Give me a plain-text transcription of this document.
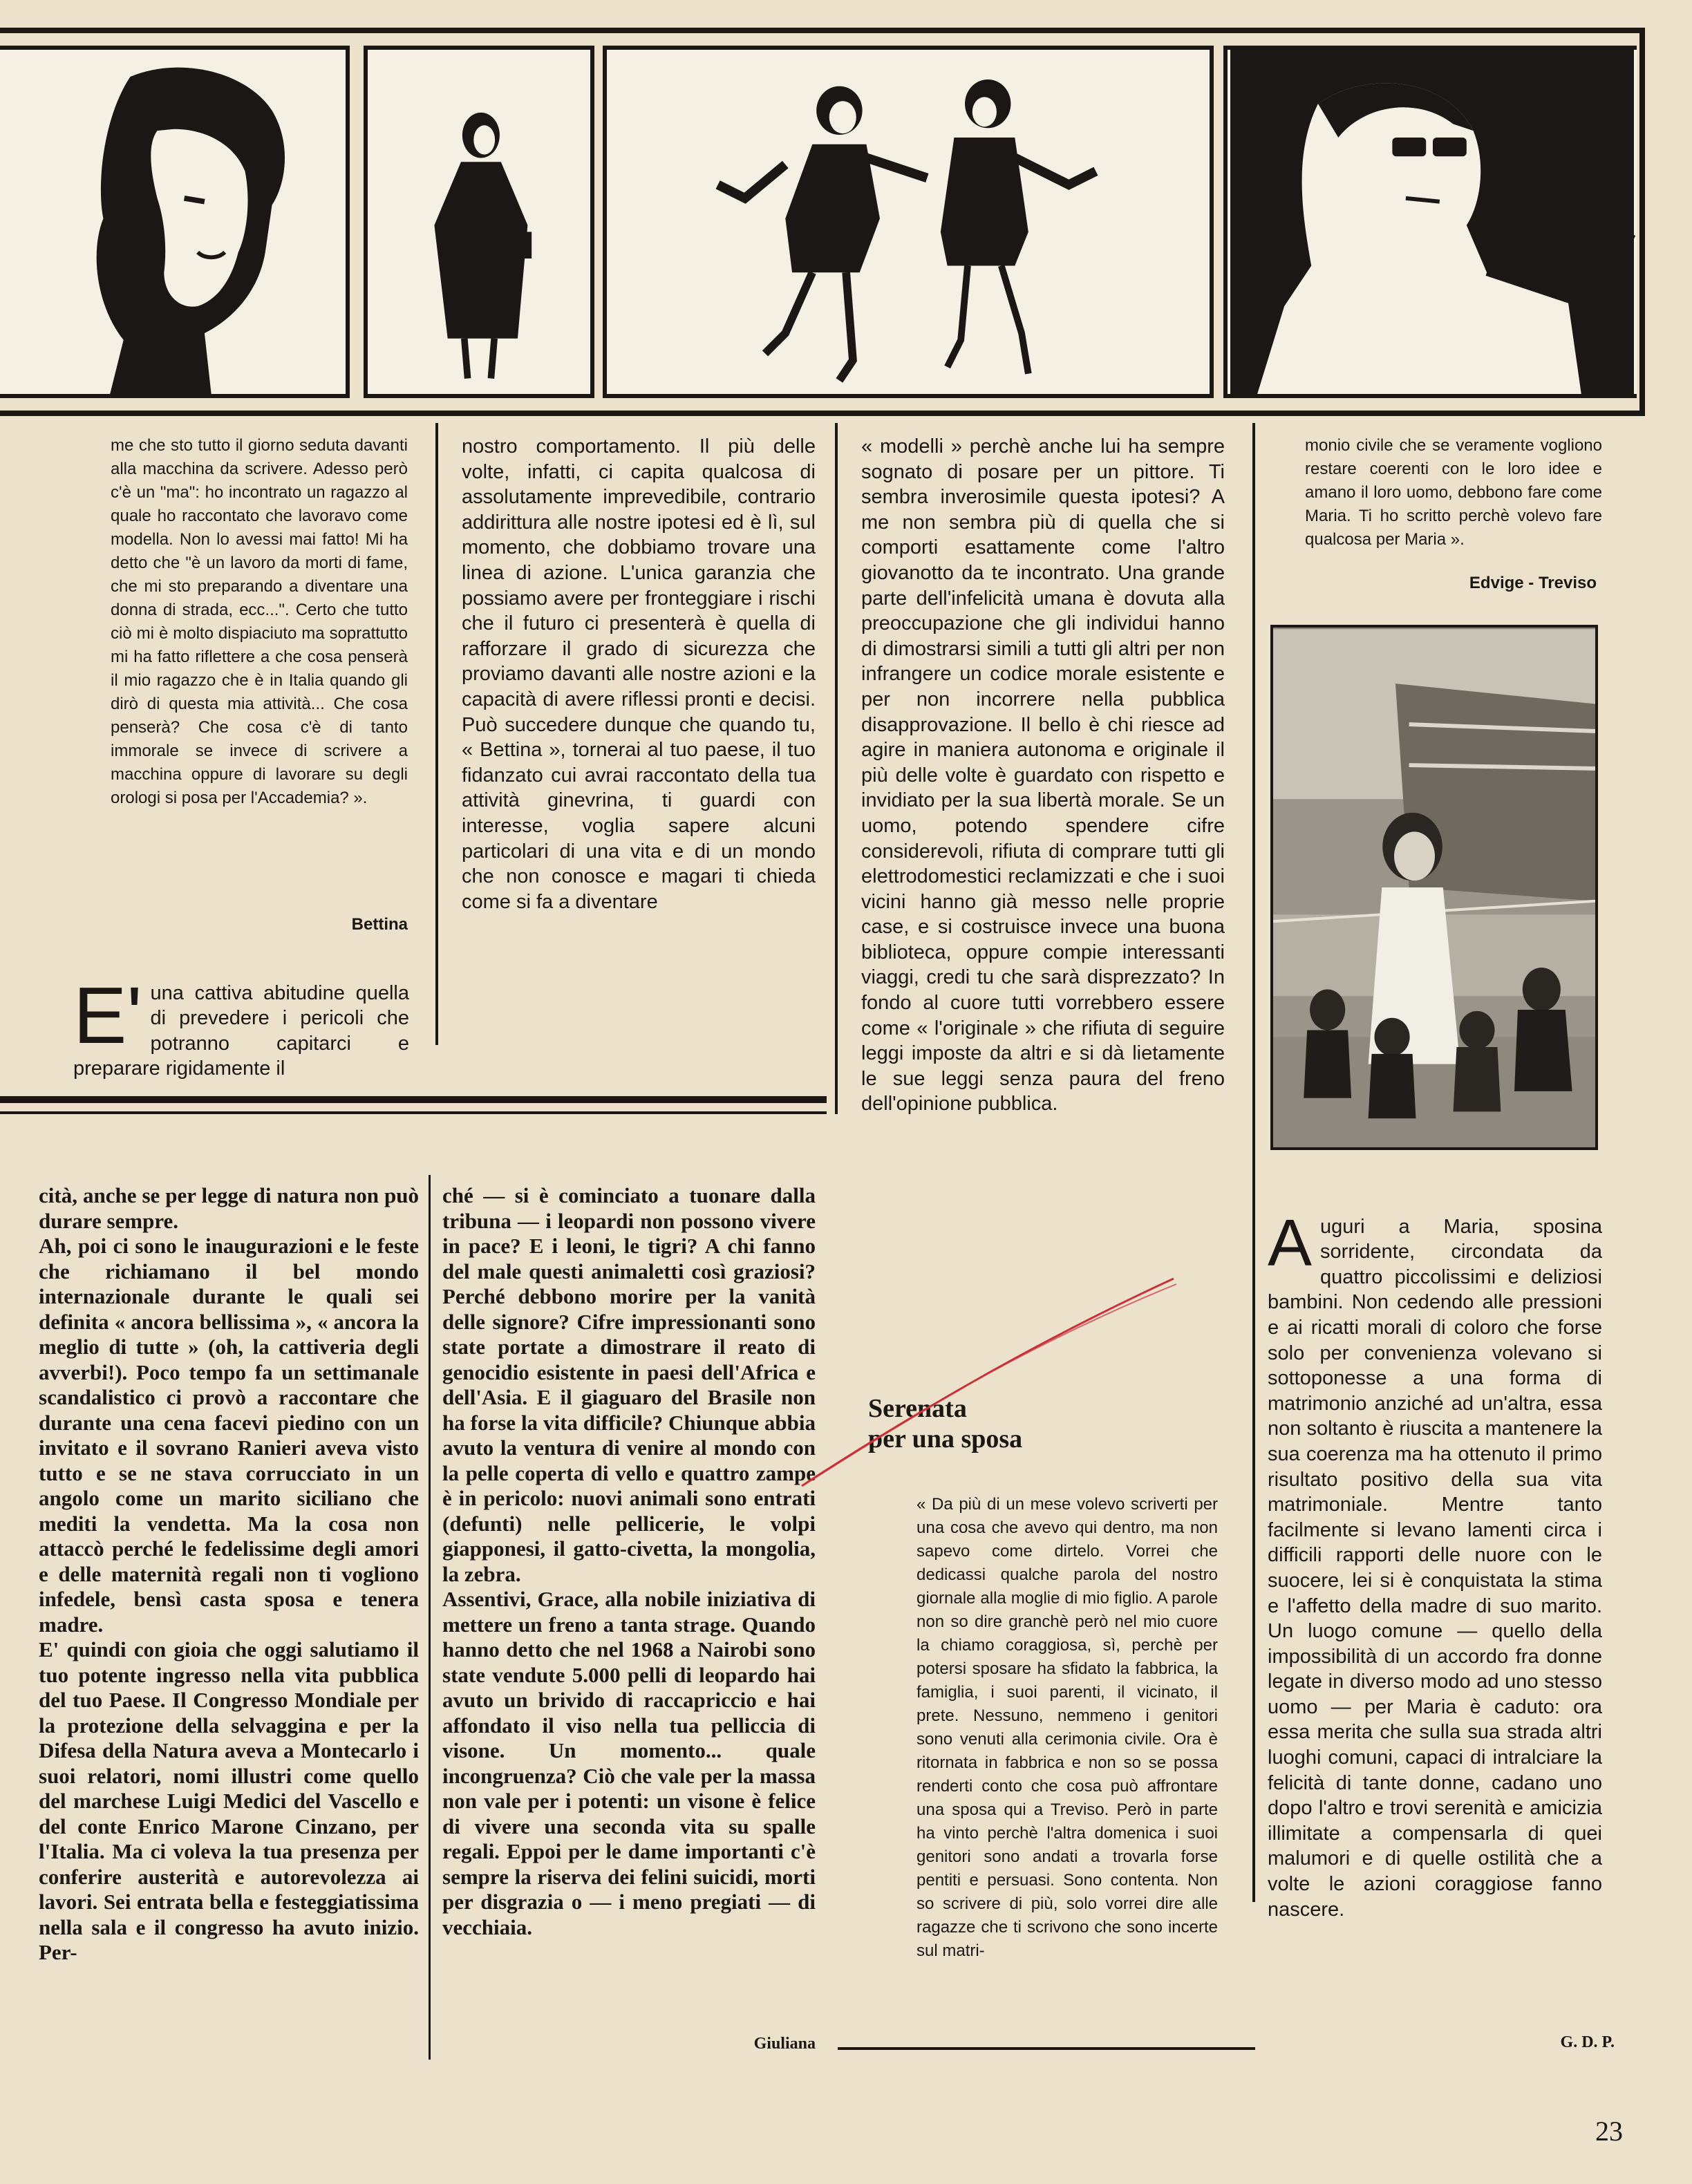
me che sto tutto il giorno seduta davanti alla macchina da scrivere. Adesso però c'è un "ma": ho incontrato un ragazzo al quale ho raccontato che lavoravo come modella. Non lo avessi mai fatto! Mi ha detto che "è un lavoro da morti di fame, che mi sto preparando a diventare una donna di strada, ecc...". Certo che tutto ciò mi è molto dispiaciuto ma soprattutto mi ha fatto riflettere a che cosa penserà il mio ragazzo che è in Italia quando gli dirò di questa mia attività... Che cosa penserà? Che cosa c'è di tanto immorale se invece di scrivere a macchina oppure di lavorare su degli orologi si posa per l'Accademia? ».
Bettina

E' una cattiva abitudine quella di prevedere i pericoli che potranno capitarci e preparare rigidamente il

nostro comportamento. Il più delle volte, infatti, ci capita qualcosa di assolutamente imprevedibile, contrario addirittura alle nostre ipotesi ed è lì, sul momento, che dobbiamo trovare una linea di azione. L'unica garanzia che possiamo avere per fronteggiare i rischi che il futuro ci presenterà è quella di rafforzare il grado di sicurezza che proviamo davanti alle nostre azioni e la capacità di avere riflessi pronti e decisi. Può succedere dunque che quando tu, « Bettina », tornerai al tuo paese, il tuo fidanzato cui avrai raccontato della tua attività ginevrina, ti guardi con interesse, voglia sapere alcuni particolari di una vita e di un mondo che non conosce e magari ti chieda come si fa a diventare
« modelli » perchè anche lui ha sempre sognato di posare per un pittore. Ti sembra inverosimile questa ipotesi? A me non sembra più di quella che si comporti esattamente come l'altro giovanotto da te incontrato. Una grande parte dell'infelicità umana è dovuta alla preoccupazione che gli individui hanno di dimostrarsi simili a tutti gli altri per non infrangere un codice morale esistente e per non incorrere nella pubblica disapprovazione. Il bello è chi riesce ad agire in maniera autonoma e originale il più delle volte è guardato con rispetto e invidiato per la sua libertà morale. Se un uomo, potendo spendere cifre considerevoli, rifiuta di comprare tutti gli elettrodomestici reclamizzati e che i suoi vicini hanno già messo nelle proprie case, e si costruisce invece una buona biblioteca, oppure compie interessanti viaggi, credi tu che sarà disprezzato? In fondo al cuore tutti vorrebbero essere come « l'originale » che rifiuta di seguire leggi imposte da altri e si dà lietamente le sue leggi senza paura del freno dell'opinione pubblica.
monio civile che se veramente vogliono restare coerenti con le loro idee e amano il loro uomo, debbono fare come Maria. Ti ho scritto perchè volevo fare qualcosa per Maria ».
Edvige - Treviso
cità, anche se per legge di natura non può durare sempre.
Ah, poi ci sono le inaugurazioni e le feste che richiamano il bel mondo internazionale durante le quali sei definita « ancora bellissima », « ancora la meglio di tutte » (oh, la cattiveria degli avverbi!). Poco tempo fa un settimanale scandalistico ci provò a raccontare che durante una cena facevi piedino con un invitato e il sovrano Ranieri aveva visto tutto e se ne stava corrucciato in un angolo come un marito siciliano che mediti la vendetta. Ma la cosa non attaccò perché le fedelissime degli amori e delle maternità regali non ti vogliono infedele, bensì casta sposa e tenera madre.
E' quindi con gioia che oggi salutiamo il tuo potente ingresso nella vita pubblica del tuo Paese. Il Congresso Mondiale per la protezione della selvaggina e per la Difesa della Natura aveva a Montecarlo i suoi relatori, nomi illustri come quello del marchese Luigi Medici del Vascello e del conte Enrico Marone Cinzano, per l'Italia. Ma ci voleva la tua presenza per conferire austerità e autorevolezza ai lavori. Sei entrata bella e festeggiatissima nella sala e il congresso ha avuto inizio. Per-
ché — si è cominciato a tuonare dalla tribuna — i leopardi non possono vivere in pace? E i leoni, le tigri? A chi fanno del male questi animaletti così graziosi? Perché debbono morire per la vanità delle signore? Cifre impressionanti sono state portate a dimostrare il reato di genocidio esistente in paesi dell'Africa e dell'Asia. E il giaguaro del Brasile non ha forse la vita difficile? Chiunque abbia avuto la ventura di venire al mondo con la pelle coperta di vello e quattro zampe è in pericolo: nuovi animali sono entrati (defunti) nelle pellicerie, le volpi giapponesi, il gatto-civetta, la mongolia, la zebra.
Assentivi, Grace, alla nobile iniziativa di mettere un freno a tanta strage. Quando hanno detto che nel 1968 a Nairobi sono state vendute 5.000 pelli di leopardo hai avuto un brivido di raccapriccio e hai affondato il viso nella tua pelliccia di visone. Un momento... quale incongruenza? Ciò che vale per la massa non vale per i potenti: un visone è felice di vivere una seconda vita su spalle regali. Eppoi per le dame importanti c'è sempre la riserva dei felini suicidi, morti per disgrazia o — i meno pregiati — di vecchiaia.
Giuliana
Serenata
per una sposa
« Da più di un mese volevo scriverti per una cosa che avevo qui dentro, ma non sapevo come dirtelo. Vorrei che dedicassi qualche parola del nostro giornale alla moglie di mio figlio. A parole non so dire granchè però nel mio cuore la chiamo coraggiosa, sì, perchè per potersi sposare ha sfidato la fabbrica, la famiglia, i suoi parenti, il vicinato, il prete. Nessuno, nemmeno i genitori sono venuti alla cerimonia civile. Ora è ritornata in fabbrica e non so se possa renderti conto che cosa può affrontare una sposa qui a Treviso. Però in parte ha vinto perchè l'altra domenica i suoi genitori sono andati a trovarla forse pentiti e persuasi. Sono contenta. Non so scrivere di più, solo vorrei dire alle ragazze che ti scrivono che sono incerte sul matri-

Auguri a Maria, sposina sorridente, circondata da quattro piccolissimi e deliziosi bambini. Non cedendo alle pressioni e ai ricatti morali di coloro che forse solo per convenienza volevano si sottoponesse a una forma di matrimonio anziché ad un'altra, essa non soltanto è riuscita a mantenere la sua coerenza ma ha ottenuto il primo risultato positivo della sua vita matrimoniale. Mentre tanto facilmente si levano lamenti circa i difficili rapporti delle nuore con le suocere, lei si è conquistata la stima e l'affetto della madre di suo marito. Un luogo comune — quello della impossibilità di un accordo fra donne legate in diverso modo ad uno stesso uomo — per Maria è caduto: ora essa merita che sulla sua strada altri luoghi comuni, capaci di intralciare la felicità di tante donne, cadano uno dopo l'altro e trovi serenità e amicizia illimitate a compensarla di quei malumori e di quelle ostilità che a volte le azioni coraggiose fanno nascere.

G. D. P.
23
